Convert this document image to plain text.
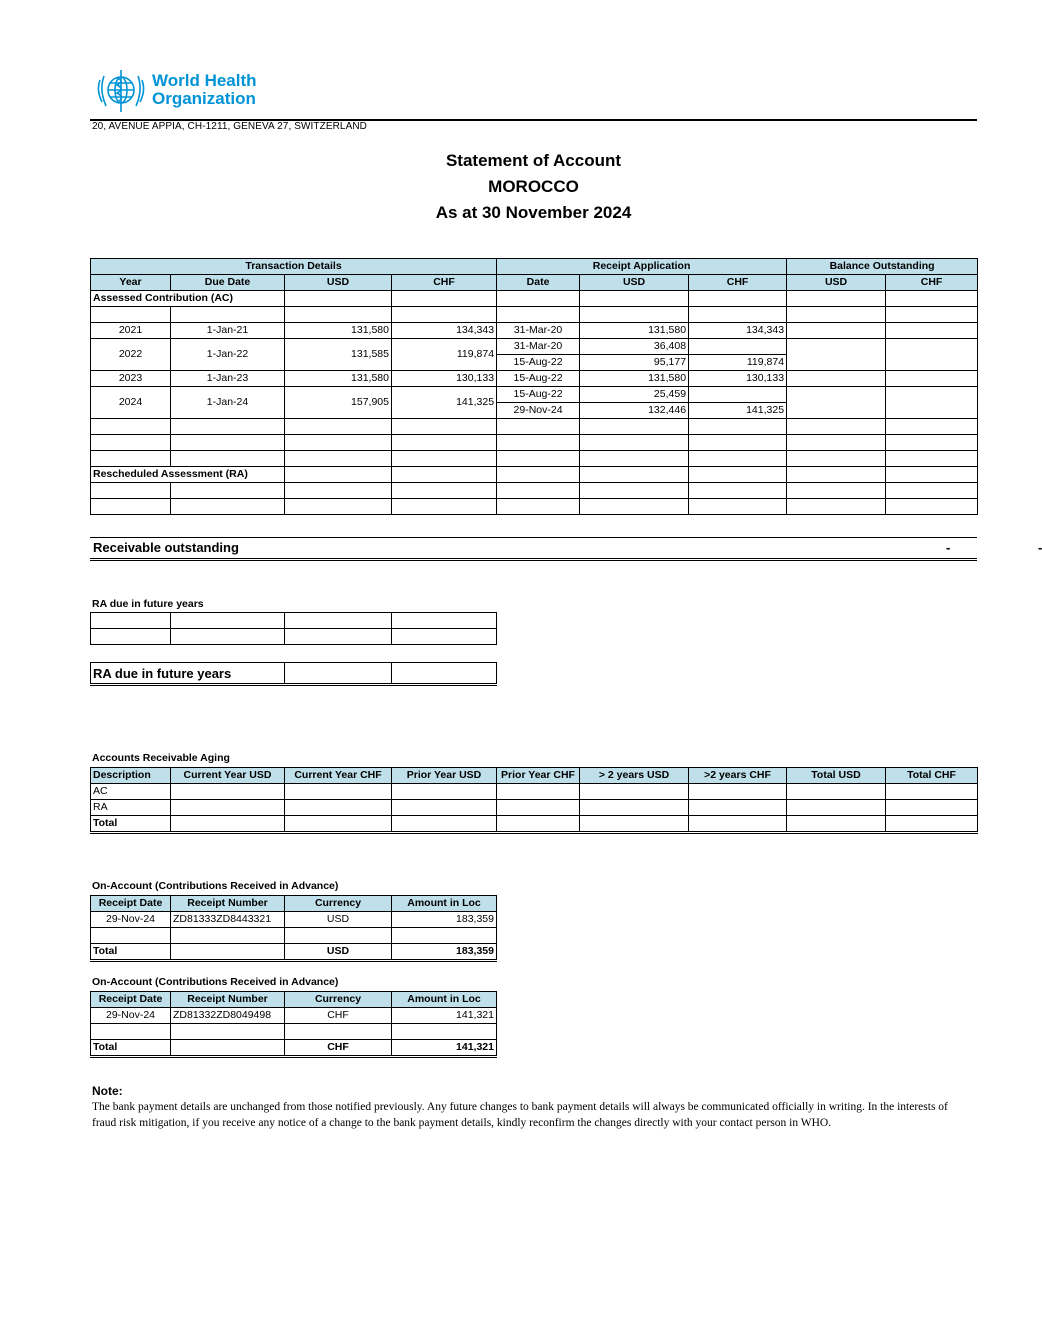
World Health
Organization
20, AVENUE APPIA, CH-1211, GENEVA 27, SWITZERLAND
Statement of Account
MOROCCO
As at 30 November 2024
Transaction Details				Receipt Application			Balance Outstanding	
Year	Due Date	USD	CHF	Date	USD	CHF	USD	CHF
Assessed Contribution (AC)								

2021	1-Jan-21	131,580	134,343	31-Mar-20	131,580	134,343		
2022	1-Jan-22	131,585	119,874	31-Mar-20	36,408			
				15-Aug-22	95,177	119,874		
2023	1-Jan-23	131,580	130,133	15-Aug-22	131,580	130,133		
2024	1-Jan-24	157,905	141,325	15-Aug-22	25,459			
				29-Nov-24	132,446	141,325		

Rescheduled Assessment (RA)								

Receivable outstanding	-	-
RA due in future years

RA due in future years		
Accounts Receivable Aging
Description	Current Year USD	Current Year CHF	Prior Year USD	Prior Year CHF	> 2 years USD	>2 years CHF	Total USD	Total CHF
AC								
RA								
Total								
On-Account (Contributions Received in Advance)
Receipt Date	Receipt Number	Currency	Amount in Loc
29-Nov-24	ZD81333ZD8443321	USD	183,359

Total		USD	183,359
On-Account (Contributions Received in Advance)
Receipt Date	Receipt Number	Currency	Amount in Loc
29-Nov-24	ZD81332ZD8049498	CHF	141,321

Total		CHF	141,321
Note:
The bank payment details are unchanged from those notified previously. Any future changes to bank payment details will always be communicated officially in writing. In the interests of fraud risk mitigation, if you receive any notice of a change to the bank payment details, kindly reconfirm the changes directly with your contact person in WHO.
